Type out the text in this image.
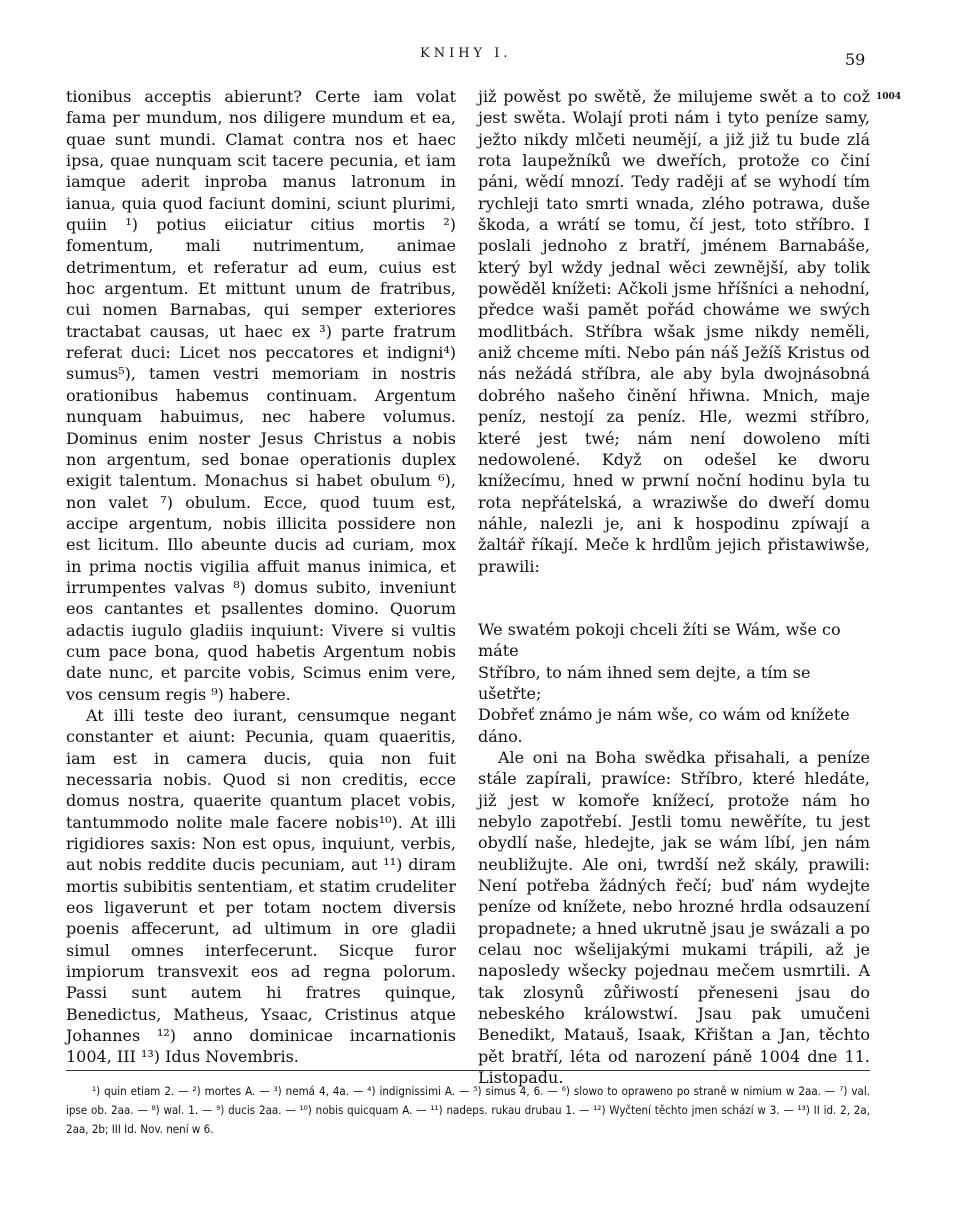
KNIHY I.	59

tionibus acceptis abierunt? Certe iam volat fama per mundum, nos diligere mundum et ea, quae sunt mundi. Clamat contra nos et haec ipsa, quae nunquam scit tacere pecunia, et iam iamque aderit inproba manus latronum in ianua, quia quod faciunt domini, sciunt plurimi, quiin ¹) potius eiiciatur citius mortis ²) fomentum, mali nutrimentum, animae detrimentum, et referatur ad eum, cuius est hoc argentum. Et mittunt unum de fratribus, cui nomen Barnabas, qui semper exteriores tractabat causas, ut haec ex ³) parte fratrum referat duci: Licet nos peccatores et indigni⁴) sumus⁵), tamen vestri memoriam in nostris orationibus habemus continuam. Argentum nunquam habuimus, nec habere volumus. Dominus enim noster Jesus Christus a nobis non argentum, sed bonae operationis duplex exigit talentum. Monachus si habet obulum ⁶), non valet ⁷) obulum. Ecce, quod tuum est, accipe argentum, nobis illicita possidere non est licitum. Illo abeunte ducis ad curiam, mox in prima noctis vigilia affuit manus inimica, et irrumpentes valvas ⁸) domus subito, inveniunt eos cantantes et psallentes domino. Quorum adactis iugulo gladiis inquiunt: Vivere si vultis cum pace bona, quod habetis Argentum nobis date nunc, et parcite vobis, Scimus enim vere, vos censum regis ⁹) habere.

At illi teste deo iurant, censumque negant constanter et aiunt: Pecunia, quam quaeritis, iam est in camera ducis, quia non fuit necessaria nobis. Quod si non creditis, ecce domus nostra, quaerite quantum placet vobis, tantummodo nolite male facere nobis¹⁰). At illi rigidiores saxis: Non est opus, inquiunt, verbis, aut nobis reddite ducis pecuniam, aut ¹¹) diram mortis subibitis sententiam, et statim crudeliter eos ligaverunt et per totam noctem diversis poenis affecerunt, ad ultimum in ore gladii simul omnes interfecerunt. Sicque furor impiorum transvexit eos ad regna polorum. Passi sunt autem hi fratres quinque, Benedictus, Matheus, Ysaac, Cristinus atque Johannes ¹²) anno dominicae incarnationis 1004, III ¹³) Idus Novembris.

již powěst po swětě, že milujeme swět a to což jest swěta. Wolají proti nám i tyto peníze samy, ježto nikdy mlčeti neumějí, a již již tu bude zlá rota laupežníků we dweřích, protože co činí páni, wědí mnozí. Tedy raději ať se wyhodí tím rychleji tato smrti wnada, zlého potrawa, duše škoda, a wrátí se tomu, čí jest, toto stříbro. I poslali jednoho z bratří, jménem Barnabáše, který byl wždy jednal wěci zewnější, aby tolik powěděl knížeti: Ačkoli jsme hříšníci a nehodní, předce waši pamět pořád chowáme we swých modlitbách. Stříbra wšak jsme nikdy neměli, aniž chceme míti. Nebo pán náš Ježíš Kristus od nás nežádá stříbra, ale aby byla dwojnásobná dobrého našeho činění hřiwna. Mnich, maje peníz, nestojí za peníz. Hle, wezmi stříbro, které jest twé; nám není dowoleno míti nedowolené. Když on odešel ke dworu knížecímu, hned w prwní noční hodinu byla tu rota nepřátelská, a wraziwše do dweří domu náhle, nalezli je, ani k hospodinu zpíwají a žaltář říkají. Meče k hrdlům jejich přistawiwše, prawili:

We swatém pokoji chceli žíti se Wám, wše co máte

Stříbro, to nám ihned sem dejte, a tím se ušetřte;

Dobřeť známo je nám wše, co wám od knížete dáno.

Ale oni na Boha swědka přisahali, a peníze stále zapírali, prawíce: Stříbro, které hledáte, již jest w komoře knížecí, protože nám ho nebylo zapotřebí. Jestli tomu newěříte, tu jest obydlí naše, hledejte, jak se wám líbí, jen nám neubližujte. Ale oni, twrdší než skály, prawili: Není potřeba žádných řečí; buď nám wydejte peníze od knížete, nebo hrozné hrdla odsauzení propadnete; a hned ukrutně jsau je swázali a po celau noc wšelijakými mukami trápili, až je naposledy wšecky pojednau mečem usmrtili. A tak zlosynů zůřiwostí přeneseni jsau do nebeského králowstwí. Jsau pak umučeni Benedikt, Matauš, Isaak, Křištan a Jan, těchto pět bratří, léta od narození páně 1004 dne 11. Listopadu.

1004

¹) quin etiam 2. — ²) mortes A. — ³) nemá 4, 4a. — ⁴) indignissimi A. — ⁵) simus 4, 6. — ⁶) slowo to opraweno po straně w nimium w 2aa. — ⁷) val. ipse ob. 2aa. — ⁸) wal. 1. — ⁹) ducis 2aa. — ¹⁰) nobis quicquam A. — ¹¹) nadeps. rukau drubau 1. — ¹²) Wyčtení těchto jmen schází w 3. — ¹³) II id. 2, 2a, 2aa, 2b; III Id. Nov. není w 6.
